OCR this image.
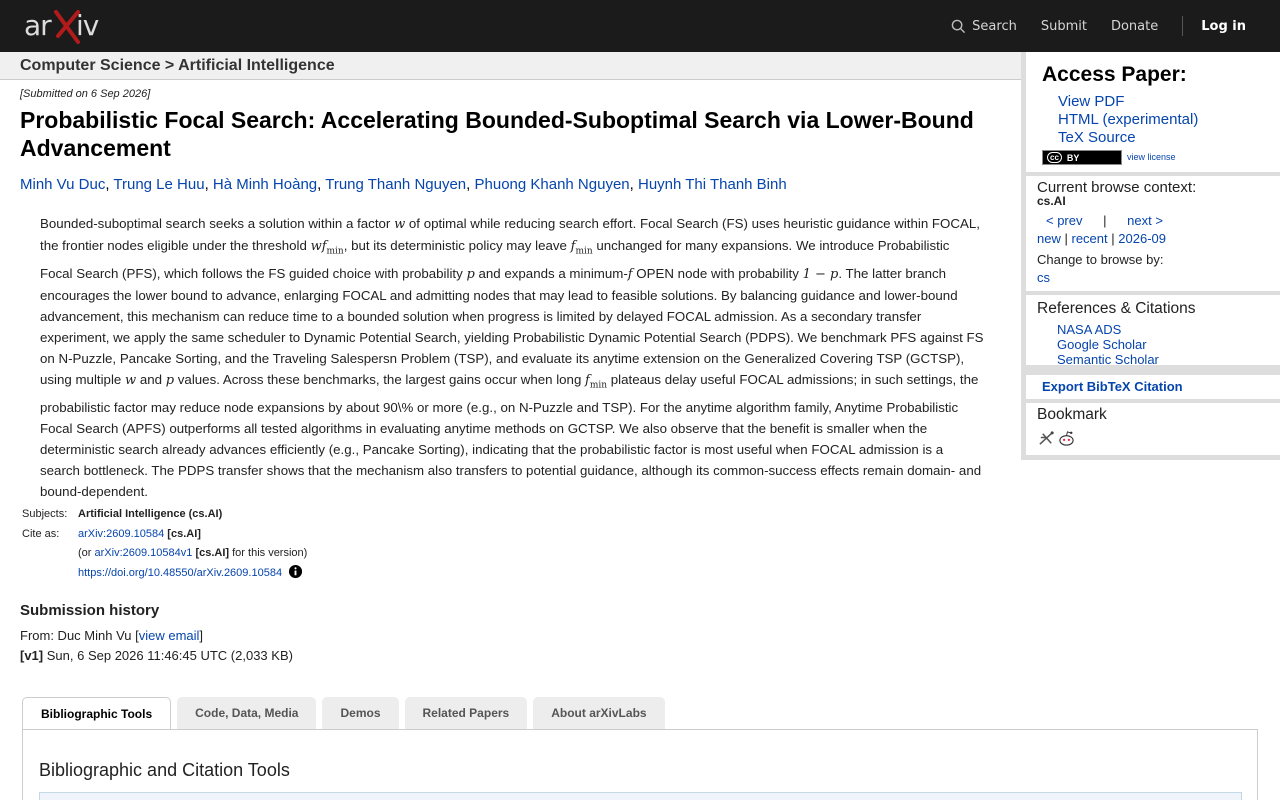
ar iv	Search Submit Donate	Log in
Computer Science > Artificial Intelligence
[Submitted on 6 Sep 2026]
Probabilistic Focal Search: Accelerating Bounded-Suboptimal Search via Lower-Bound Advancement
Minh Vu Duc, Trung Le Huu, Hà Minh Hoàng, Trung Thanh Nguyen, Phuong Khanh Nguyen, Huynh Thi Thanh Binh
Bounded-suboptimal search seeks a solution within a factor w of optimal while reducing search effort. Focal Search (FS) uses heuristic guidance within FOCAL, the frontier nodes eligible under the threshold $wf_{min}$, but its deterministic policy may leave $f_{min}$ unchanged for many expansions. We introduce Probabilistic Focal Search (PFS), which follows the FS guided choice with probability p and expands a minimum-f OPEN node with probability 1 − p. The latter branch encourages the lower bound to advance, enlarging FOCAL and admitting nodes that may lead to feasible solutions. By balancing guidance and lower-bound advancement, this mechanism can reduce time to a bounded solution when progress is limited by delayed FOCAL admission. As a secondary transfer experiment, we apply the same scheduler to Dynamic Potential Search, yielding Probabilistic Dynamic Potential Search (PDPS). We benchmark PFS against FS on N-Puzzle, Pancake Sorting, and the Traveling Salespersn Problem (TSP), and evaluate its anytime extension on the Generalized Covering TSP (GCTSP), using multiple w and p values. Across these benchmarks, the largest gains occur when long $f_{min}$ plateaus delay useful FOCAL admissions; in such settings, the probabilistic factor may reduce node expansions by about 90\% or more (e.g., on N-Puzzle and TSP). For the anytime algorithm family, Anytime Probabilistic Focal Search (APFS) outperforms all tested algorithms in evaluating anytime methods on GCTSP. We also observe that the benefit is smaller when the deterministic search already advances efficiently (e.g., Pancake Sorting), indicating that the probabilistic factor is most useful when FOCAL admission is a search bottleneck. The PDPS transfer shows that the mechanism also transfers to potential guidance, although its common-success effects remain domain- and bound-dependent.
Subjects: Artificial Intelligence (cs.AI)
Cite as:	arXiv:2609.10584 [cs.AI]
(or arXiv:2609.10584v1 [cs.AI] for this version)
https://doi.org/10.48550/arXiv.2609.10584
Submission history
From: Duc Minh Vu [view email]
[v1] Sun, 6 Sep 2026 11:46:45 UTC (2,033 KB)
Bibliographic Tools	Code, Data, Media	Demos	Related Papers	About arXivLabs
Bibliographic and Citation Tools
Access Paper:
View PDF
HTML (experimental)
TeX Source
cc BY	view license
Current browse context:
cs.AI
< prev | next >
new | recent | 2026-09
Change to browse by:
cs
References & Citations
NASA ADS
Google Scholar
Semantic Scholar
Export BibTeX Citation
Bookmark
